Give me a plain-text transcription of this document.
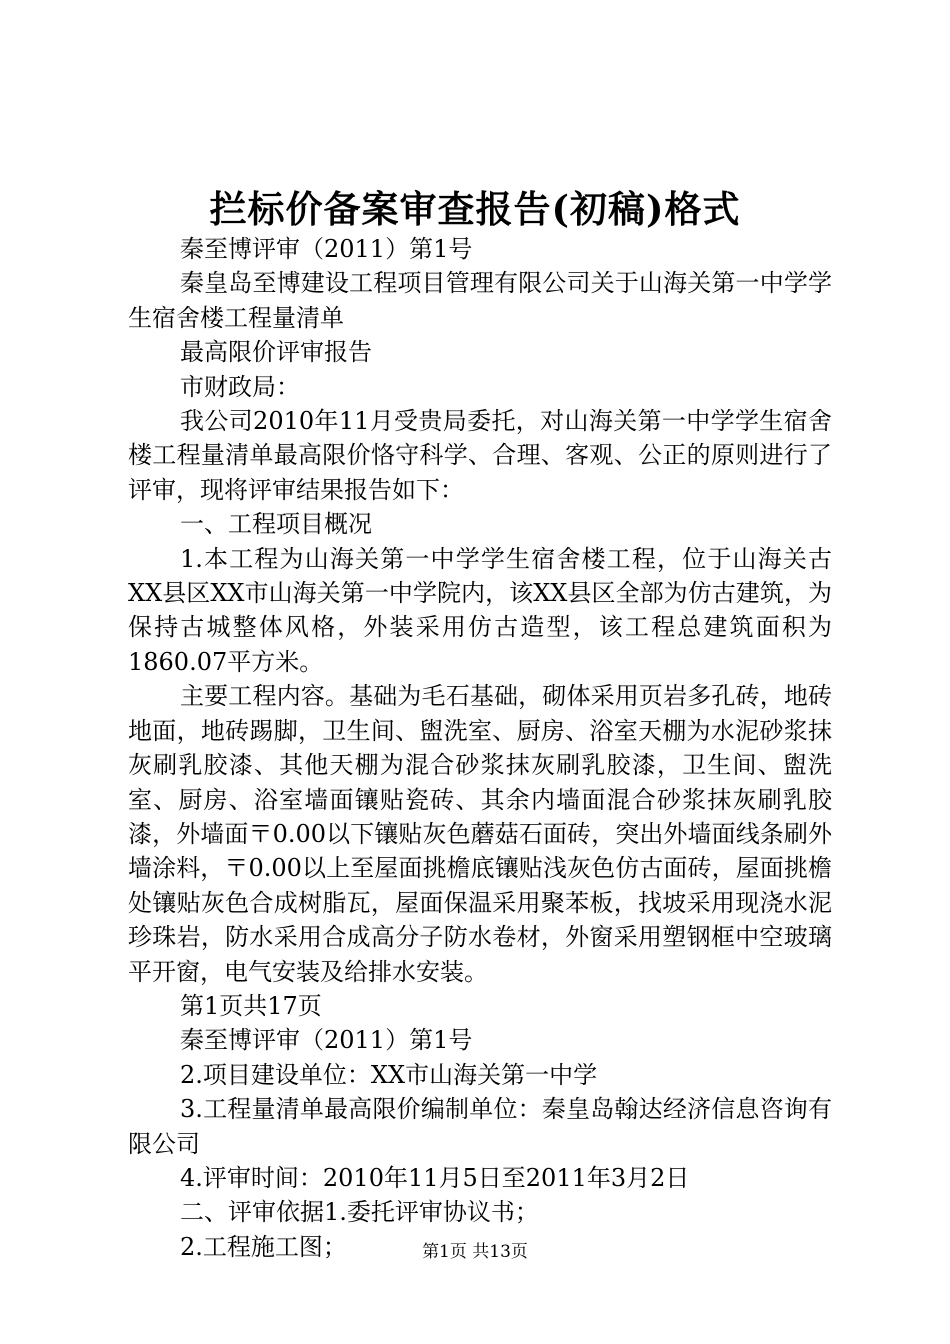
拦标价备案审查报告(初稿)格式

秦至博评审（2011）第1号

秦皇岛至博建设工程项目管理有限公司关于山海关第一中学学生宿舍楼工程量清单

最高限价评审报告

市财政局：

我公司2010年11月受贵局委托，对山海关第一中学学生宿舍楼工程量清单最高限价恪守科学、合理、客观、公正的原则进行了评审，现将评审结果报告如下：

一、工程项目概况

1.本工程为山海关第一中学学生宿舍楼工程，位于山海关古XX县区XX市山海关第一中学院内，该XX县区全部为仿古建筑，为保持古城整体风格，外装采用仿古造型，该工程总建筑面积为1860.07平方米。

主要工程内容。基础为毛石基础，砌体采用页岩多孔砖，地砖地面，地砖踢脚，卫生间、盥洗室、厨房、浴室天棚为水泥砂浆抹灰刷乳胶漆、其他天棚为混合砂浆抹灰刷乳胶漆，卫生间、盥洗室、厨房、浴室墙面镶贴瓷砖、其余内墙面混合砂浆抹灰刷乳胶漆，外墙面〒0.00以下镶贴灰色蘑菇石面砖，突出外墙面线条刷外墙涂料，〒0.00以上至屋面挑檐底镶贴浅灰色仿古面砖，屋面挑檐处镶贴灰色合成树脂瓦，屋面保温采用聚苯板，找坡采用现浇水泥珍珠岩，防水采用合成高分子防水卷材，外窗采用塑钢框中空玻璃平开窗，电气安装及给排水安装。

第1页共17页

秦至博评审（2011）第1号

2.项目建设单位：XX市山海关第一中学

3.工程量清单最高限价编制单位：秦皇岛翰达经济信息咨询有限公司

4.评审时间：2010年11月5日至2011年3月2日

二、评审依据1.委托评审协议书；

2.工程施工图；	第1页 共13页
